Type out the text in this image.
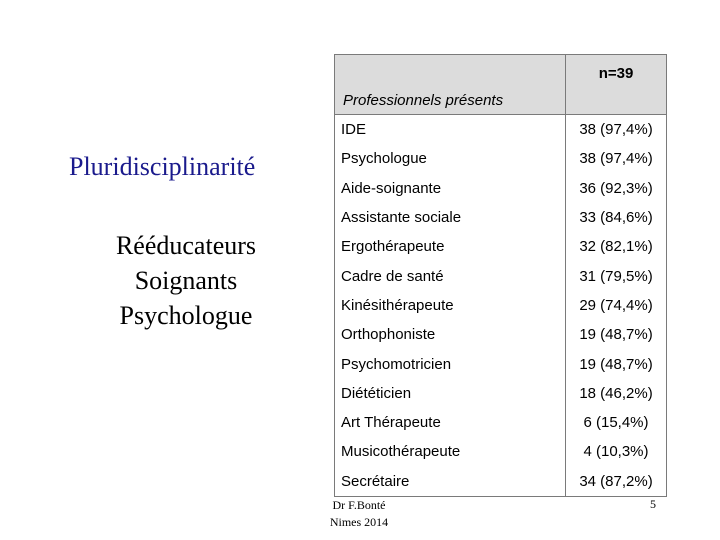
Pluridisciplinarité
Rééducateurs
Soignants
Psychologue
Professionnels présents	n=39
IDE	38 (97,4%)
Psychologue	38 (97,4%)
Aide-soignante	36 (92,3%)
Assistante sociale	33 (84,6%)
Ergothérapeute	32 (82,1%)
Cadre de santé	31 (79,5%)
Kinésithérapeute	29 (74,4%)
Orthophoniste	19 (48,7%)
Psychomotricien	19 (48,7%)
Diététicien	18 (46,2%)
Art Thérapeute	6 (15,4%)
Musicothérapeute	4 (10,3%)
Secrétaire	34 (87,2%)
Dr F.Bonté
Nimes 2014
5
